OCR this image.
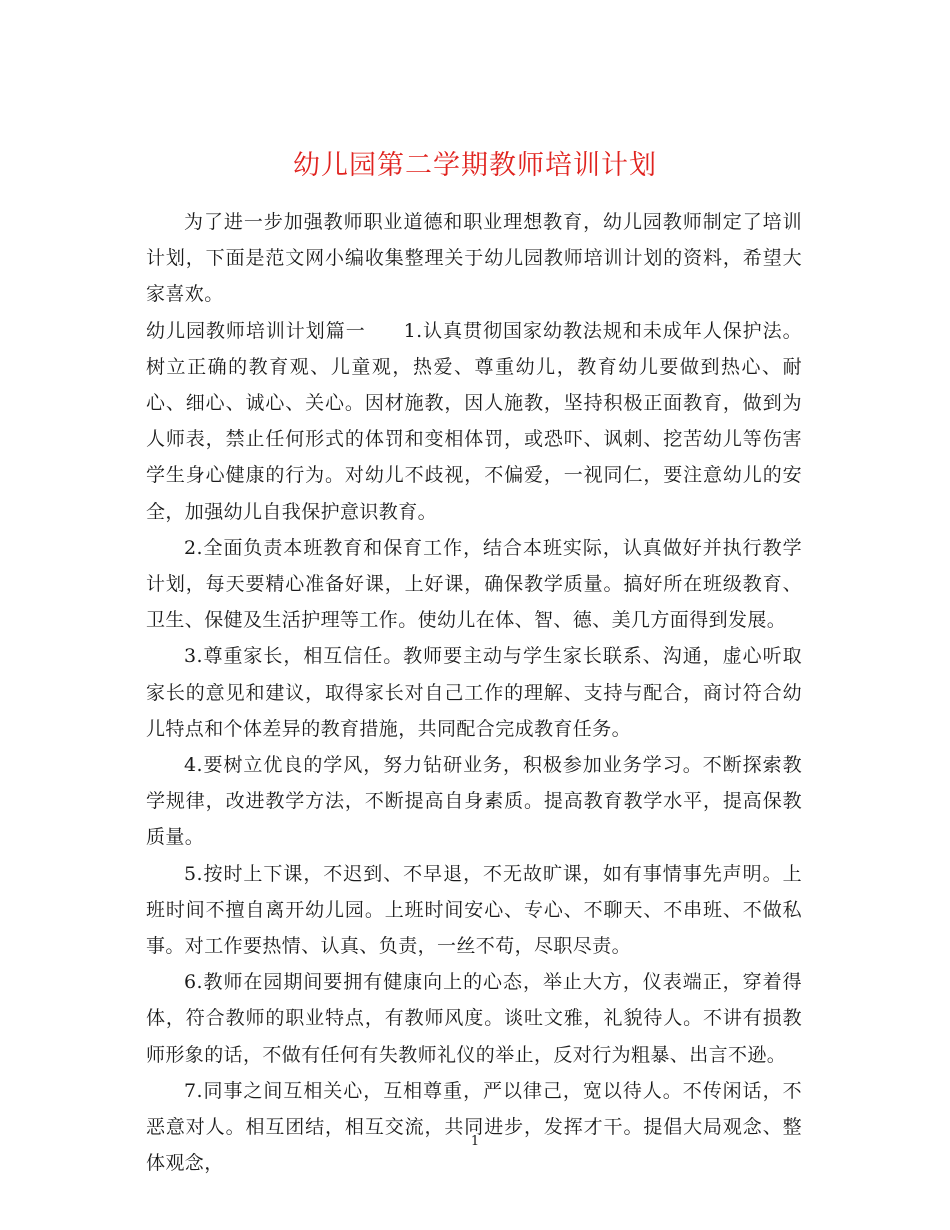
幼儿园第二学期教师培训计划

为了进一步加强教师职业道德和职业理想教育，幼儿园教师制定了培训计划，下面是范文网小编收集整理关于幼儿园教师培训计划的资料，希望大家喜欢。

幼儿园教师培训计划篇一 1.认真贯彻国家幼教法规和未成年人保护法。树立正确的教育观、儿童观，热爱、尊重幼儿，教育幼儿要做到热心、耐心、细心、诚心、关心。因材施教，因人施教，坚持积极正面教育，做到为人师表，禁止任何形式的体罚和变相体罚，或恐吓、讽刺、挖苦幼儿等伤害学生身心健康的行为。对幼儿不歧视，不偏爱，一视同仁，要注意幼儿的安全，加强幼儿自我保护意识教育。

2.全面负责本班教育和保育工作，结合本班实际，认真做好并执行教学计划，每天要精心准备好课，上好课，确保教学质量。搞好所在班级教育、卫生、保健及生活护理等工作。使幼儿在体、智、德、美几方面得到发展。

3.尊重家长，相互信任。教师要主动与学生家长联系、沟通，虚心听取家长的意见和建议，取得家长对自己工作的理解、支持与配合，商讨符合幼儿特点和个体差异的教育措施，共同配合完成教育任务。

4.要树立优良的学风，努力钻研业务，积极参加业务学习。不断探索教学规律，改进教学方法，不断提高自身素质。提高教育教学水平，提高保教质量。

5.按时上下课，不迟到、不早退，不无故旷课，如有事情事先声明。上班时间不擅自离开幼儿园。上班时间安心、专心、不聊天、不串班、不做私事。对工作要热情、认真、负责，一丝不苟，尽职尽责。

6.教师在园期间要拥有健康向上的心态，举止大方，仪表端正，穿着得体，符合教师的职业特点，有教师风度。谈吐文雅，礼貌待人。不讲有损教师形象的话，不做有任何有失教师礼仪的举止，反对行为粗暴、出言不逊。

7.同事之间互相关心，互相尊重，严以律己，宽以待人。不传闲话，不恶意对人。相互团结，相互交流，共同进步，发挥才干。提倡大局观念、整体观念，

1
